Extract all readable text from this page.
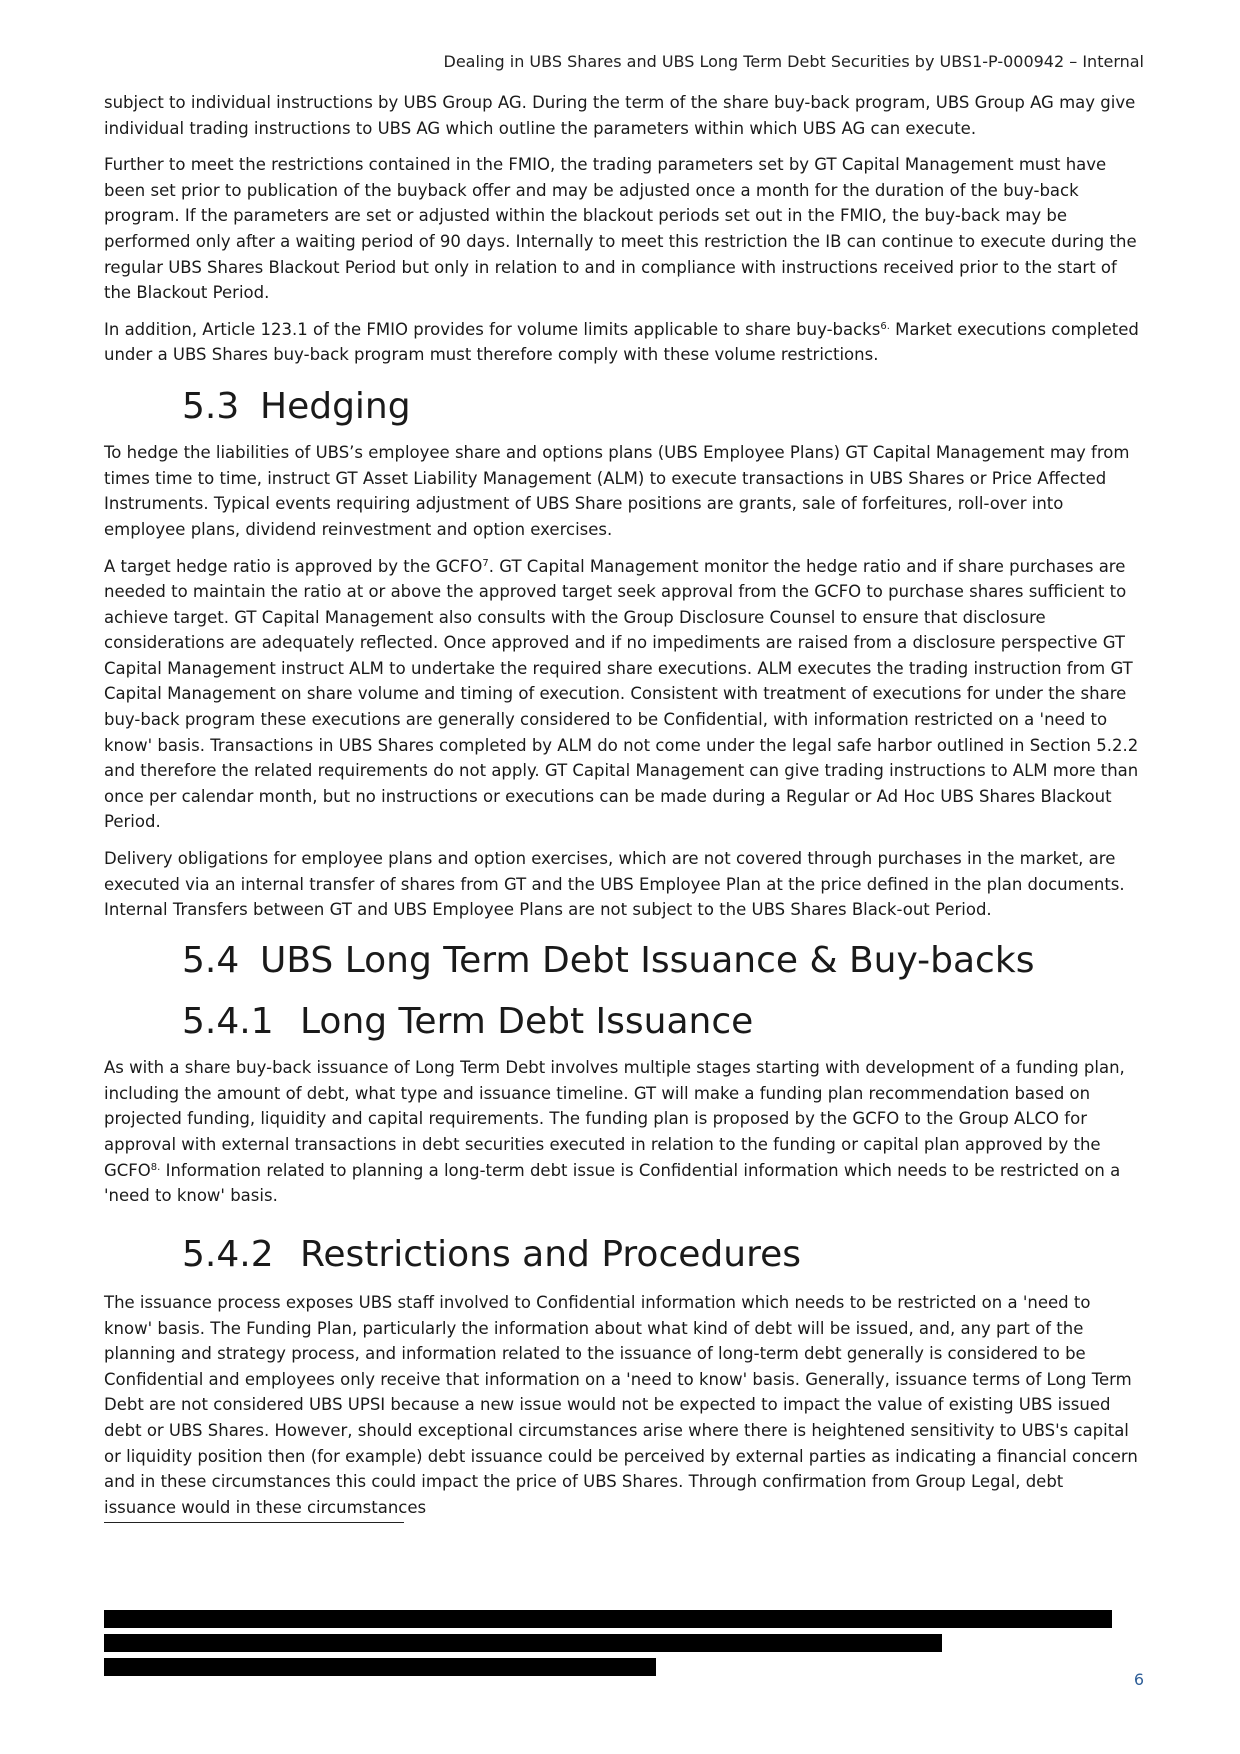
Dealing in UBS Shares and UBS Long Term Debt Securities by UBS1-P-000942 – Internal

subject to individual instructions by UBS Group AG. During the term of the share buy-back program, UBS Group AG may give individual trading instructions to UBS AG which outline the parameters within which UBS AG can execute.

Further to meet the restrictions contained in the FMIO, the trading parameters set by GT Capital Management must have been set prior to publication of the buyback offer and may be adjusted once a month for the duration of the buy-back program. If the parameters are set or adjusted within the blackout periods set out in the FMIO, the buy-back may be performed only after a waiting period of 90 days. Internally to meet this restriction the IB can continue to execute during the regular UBS Shares Blackout Period but only in relation to and in compliance with instructions received prior to the start of the Blackout Period.

In addition, Article 123.1 of the FMIO provides for volume limits applicable to share buy-backs$^{6.}$ Market executions completed under a UBS Shares buy-back program must therefore comply with these volume restrictions.

5.3 Hedging

To hedge the liabilities of UBS’s employee share and options plans (UBS Employee Plans) GT Capital Management may from times time to time, instruct GT Asset Liability Management (ALM) to execute transactions in UBS Shares or Price Affected Instruments. Typical events requiring adjustment of UBS Share positions are grants, sale of forfeitures, roll-over into employee plans, dividend reinvestment and option exercises.

A target hedge ratio is approved by the GCFO$^7$. GT Capital Management monitor the hedge ratio and if share purchases are needed to maintain the ratio at or above the approved target seek approval from the GCFO to purchase shares sufficient to achieve target. GT Capital Management also consults with the Group Disclosure Counsel to ensure that disclosure considerations are adequately reflected. Once approved and if no impediments are raised from a disclosure perspective GT Capital Management instruct ALM to undertake the required share executions. ALM executes the trading instruction from GT Capital Management on share volume and timing of execution. Consistent with treatment of executions for under the share buy-back program these executions are generally considered to be Confidential, with information restricted on a 'need to know' basis. Transactions in UBS Shares completed by ALM do not come under the legal safe harbor outlined in Section 5.2.2 and therefore the related requirements do not apply. GT Capital Management can give trading instructions to ALM more than once per calendar month, but no instructions or executions can be made during a Regular or Ad Hoc UBS Shares Blackout Period.

Delivery obligations for employee plans and option exercises, which are not covered through purchases in the market, are executed via an internal transfer of shares from GT and the UBS Employee Plan at the price defined in the plan documents. Internal Transfers between GT and UBS Employee Plans are not subject to the UBS Shares Black-out Period.

5.4 UBS Long Term Debt Issuance & Buy-backs
5.4.1 Long Term Debt Issuance

As with a share buy-back issuance of Long Term Debt involves multiple stages starting with development of a funding plan, including the amount of debt, what type and issuance timeline. GT will make a funding plan recommendation based on projected funding, liquidity and capital requirements. The funding plan is proposed by the GCFO to the Group ALCO for approval with external transactions in debt securities executed in relation to the funding or capital plan approved by the $GCFO^{8.}$ Information related to planning a long-term debt issue is Confidential information which needs to be restricted on a 'need to know' basis.

5.4.2 Restrictions and Procedures

The issuance process exposes UBS staff involved to Confidential information which needs to be restricted on a 'need to know' basis. The Funding Plan, particularly the information about what kind of debt will be issued, and, any part of the planning and strategy process, and information related to the issuance of long-term debt generally is considered to be Confidential and employees only receive that information on a 'need to know' basis. Generally, issuance terms of Long Term Debt are not considered UBS UPSI because a new issue would not be expected to impact the value of existing UBS issued debt or UBS Shares. However, should exceptional circumstances arise where there is heightened sensitivity to UBS's capital or liquidity position then (for example) debt issuance could be perceived by external parties as indicating a financial concern and in these circumstances this could impact the price of UBS Shares. Through confirmation from Group Legal, debt issuance would in these circumstances

6
